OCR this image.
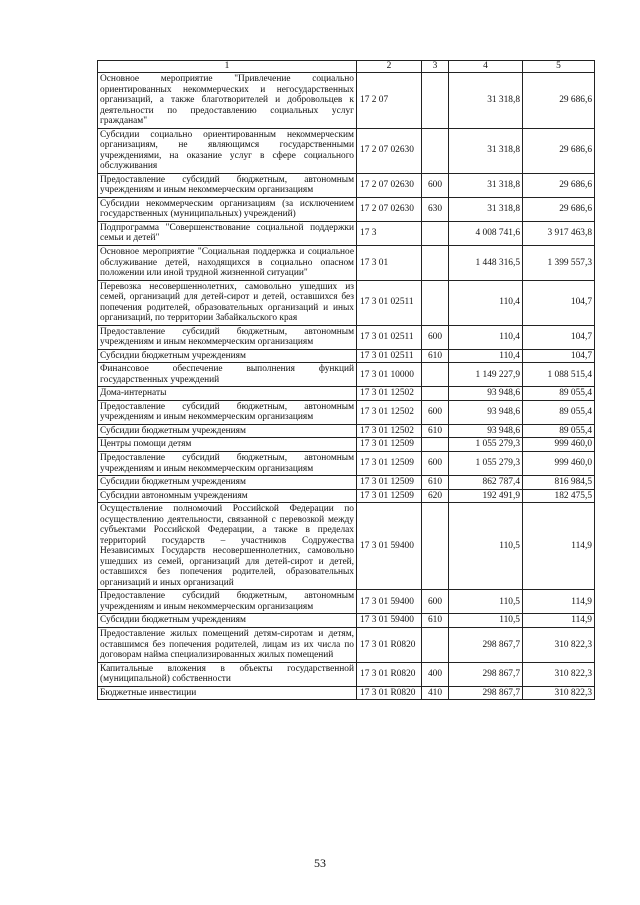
1	2	3	4	5
Основное мероприятие "Привлечение социально ориентированных некоммерческих и негосударственных организаций, а также благотворителей и добровольцев к деятельности по предоставлению социальных услуг гражданам"	17 2 07		31 318,8	29 686,6
Субсидии социально ориентированным некоммерческим организациям, не являющимся государственными учреждениями, на оказание услуг в сфере социального обслуживания	17 2 07 02630		31 318,8	29 686,6
Предоставление субсидий бюджетным, автономным учреждениям и иным некоммерческим организациям	17 2 07 02630	600	31 318,8	29 686,6
Субсидии некоммерческим организациям (за исключением государственных (муниципальных) учреждений)	17 2 07 02630	630	31 318,8	29 686,6
Подпрограмма "Совершенствование социальной поддержки семьи и детей"	17 3		4 008 741,6	3 917 463,8
Основное мероприятие "Социальная поддержка и социальное обслуживание детей, находящихся в социально опасном положении или иной трудной жизненной ситуации"	17 3 01		1 448 316,5	1 399 557,3
Перевозка несовершеннолетних, самовольно ушедших из семей, организаций для детей-сирот и детей, оставшихся без попечения родителей, образовательных организаций и иных организаций, по территории Забайкальского края	17 3 01 02511		110,4	104,7
Предоставление субсидий бюджетным, автономным учреждениям и иным некоммерческим организациям	17 3 01 02511	600	110,4	104,7
Субсидии бюджетным учреждениям	17 3 01 02511	610	110,4	104,7
Финансовое обеспечение выполнения функций государственных учреждений	17 3 01 10000		1 149 227,9	1 088 515,4
Дома-интернаты	17 3 01 12502		93 948,6	89 055,4
Предоставление субсидий бюджетным, автономным учреждениям и иным некоммерческим организациям	17 3 01 12502	600	93 948,6	89 055,4
Субсидии бюджетным учреждениям	17 3 01 12502	610	93 948,6	89 055,4
Центры помощи детям	17 3 01 12509		1 055 279,3	999 460,0
Предоставление субсидий бюджетным, автономным учреждениям и иным некоммерческим организациям	17 3 01 12509	600	1 055 279,3	999 460,0
Субсидии бюджетным учреждениям	17 3 01 12509	610	862 787,4	816 984,5
Субсидии автономным учреждениям	17 3 01 12509	620	192 491,9	182 475,5
Осуществление полномочий Российской Федерации по осуществлению деятельности, связанной с перевозкой между субъектами Российской Федерации, а также в пределах территорий государств – участников Содружества Независимых Государств несовершеннолетних, самовольно ушедших из семей, организаций для детей-сирот и детей, оставшихся без попечения родителей, образовательных организаций и иных организаций	17 3 01 59400		110,5	114,9
Предоставление субсидий бюджетным, автономным учреждениям и иным некоммерческим организациям	17 3 01 59400	600	110,5	114,9
Субсидии бюджетным учреждениям	17 3 01 59400	610	110,5	114,9
Предоставление жилых помещений детям-сиротам и детям, оставшимся без попечения родителей, лицам из их числа по договорам найма специализированных жилых помещений	17 3 01 R0820		298 867,7	310 822,3
Капитальные вложения в объекты государственной (муниципальной) собственности	17 3 01 R0820	400	298 867,7	310 822,3
Бюджетные инвестиции	17 3 01 R0820	410	298 867,7	310 822,3
53
